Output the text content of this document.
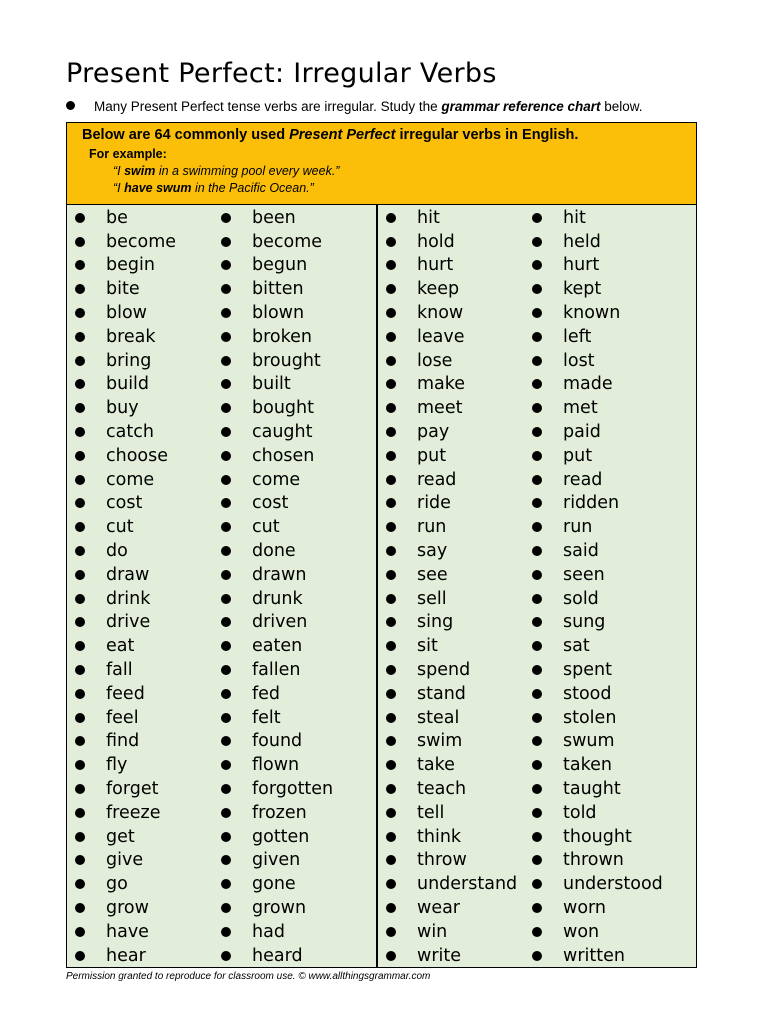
Present Perfect: Irregular Verbs
Many Present Perfect tense verbs are irregular. Study the grammar reference chart below.
Below are 64 commonly used Present Perfect irregular verbs in English.
For example:
“I swim in a swimming pool every week.”
“I have swum in the Pacific Ocean.”
be
become
begin
bite
blow
break
bring
build
buy
catch
choose
come
cost
cut
do
draw
drink
drive
eat
fall
feed
feel
find
fly
forget
freeze
get
give
go
grow
have
hear
been
become
begun
bitten
blown
broken
brought
built
bought
caught
chosen
come
cost
cut
done
drawn
drunk
driven
eaten
fallen
fed
felt
found
flown
forgotten
frozen
gotten
given
gone
grown
had
heard
hit
hold
hurt
keep
know
leave
lose
make
meet
pay
put
read
ride
run
say
see
sell
sing
sit
spend
stand
steal
swim
take
teach
tell
think
throw
understand
wear
win
write
hit
held
hurt
kept
known
left
lost
made
met
paid
put
read
ridden
run
said
seen
sold
sung
sat
spent
stood
stolen
swum
taken
taught
told
thought
thrown
understood
worn
won
written
Permission granted to reproduce for classroom use. © www.allthingsgrammar.com
